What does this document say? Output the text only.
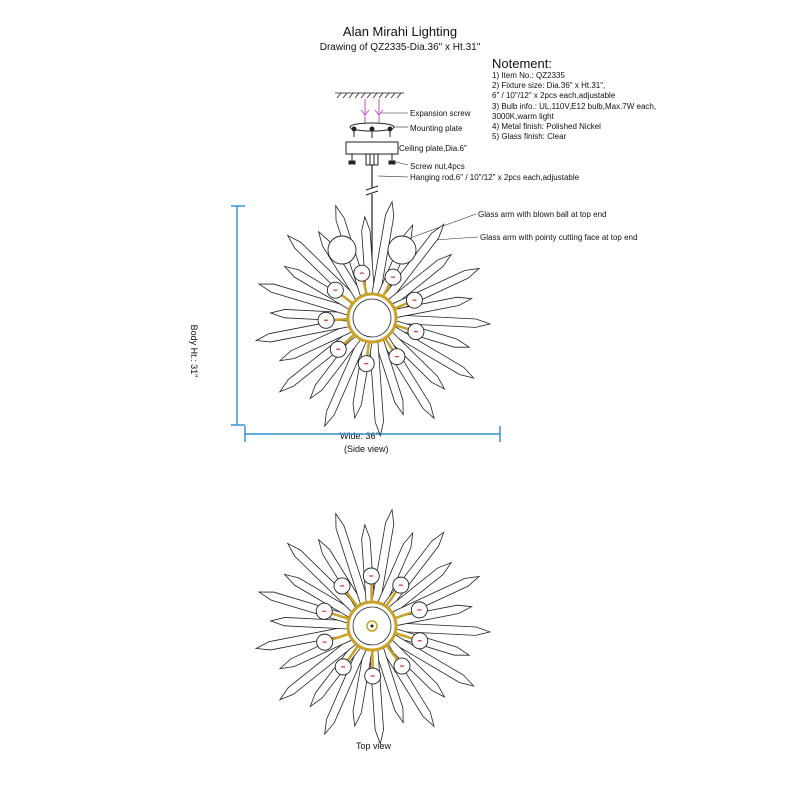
Alan Mirahi Lighting
Drawing of QZ2335-Dia.36" x Ht.31"
Notement:
1) Item No.: QZ2335
2) Fixture size: Dia.36" x Ht.31",
6" / 10"/12" x 2pcs each,adjustable
3) Bulb info.: UL,110V,E12 bulb,Max.7W each,
3000K,warm light
4) Metal finish: Polished Nickel
5) Glass finish: Clear
Expansion screw
Mounting plate
Ceiling plate,Dia.6"
Screw nut,4pcs
Hanging rod,6" / 10"/12" x 2pcs each,adjustable
Glass arm with blown ball at top end
Glass arm with pointy cutting face at top end
Wide: 36"
(Side view)
Top view
Body Ht.: 31"
